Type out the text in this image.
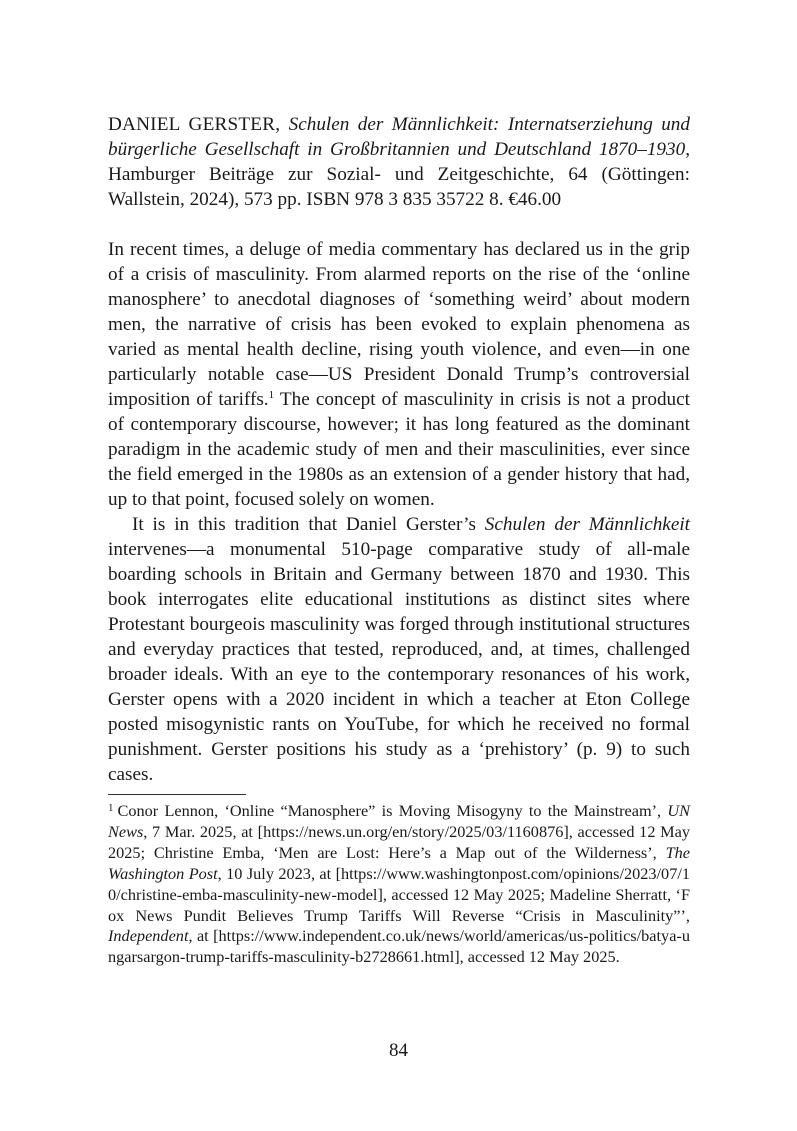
DANIEL GERSTER, Schulen der Männlichkeit: Internatserziehung und bürgerliche Gesellschaft in Großbritannien und Deutschland 1870–1930, Hamburger Beiträge zur Sozial- und Zeitgeschichte, 64 (Göttingen: Wallstein, 2024), 573 pp. ISBN 978 3 835 35722 8. €46.00

In recent times, a deluge of media commentary has declared us in the grip of a crisis of masculinity. From alarmed reports on the rise of the ‘online manosphere’ to anecdotal diagnoses of ‘something weird’ about modern men, the narrative of crisis has been evoked to explain phenomena as varied as mental health decline, rising youth violence, and even—in one particularly notable case—US President Donald Trump’s controversial imposition of tariffs.$^1$ The concept of masculinity in crisis is not a product of contemporary discourse, however; it has long featured as the dominant paradigm in the academic study of men and their masculinities, ever since the field emerged in the 1980s as an extension of a gender history that had, up to that point, focused solely on women.

It is in this tradition that Daniel Gerster’s Schulen der Männlichkeit intervenes—a monumental 510-page comparative study of all-male boarding schools in Britain and Germany between 1870 and 1930. This book interrogates elite educational institutions as distinct sites where Protestant bourgeois masculinity was forged through institutional structures and everyday practices that tested, reproduced, and, at times, challenged broader ideals. With an eye to the contemporary resonances of his work, Gerster opens with a 2020 incident in which a teacher at Eton College posted misogynistic rants on YouTube, for which he received no formal punishment. Gerster positions his study as a ‘prehistory’ (p. 9) to such cases.

$^1$ Conor Lennon, ‘Online “Manosphere” is Moving Misogyny to the Mainstream’, UN News, 7 Mar. 2025, at [https://news.un.org/en/story/2025/03/1160876], accessed 12 May 2025; Christine Emba, ‘Men are Lost: Here’s a Map out of the Wilderness’, The Washington Post, 10 July 2023, at [https://www.washingtonpost.com/opinions/2023/07/10/christine-emba-masculinity-new-model], accessed 12 May 2025; Madeline Sherratt, ‘Fox News Pundit Believes Trump Tariffs Will Reverse “Crisis in Masculinity”’, Independent, at [https://www.independent.co.uk/news/world/americas/us-politics/batya-ungarsargon-trump-tariffs-masculinity-b2728661.html], accessed 12 May 2025.

84
